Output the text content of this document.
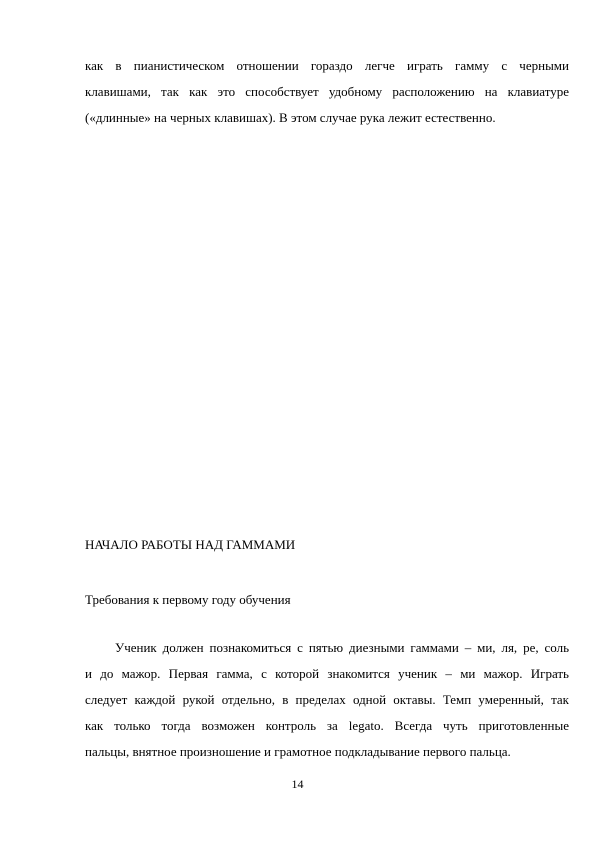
как в пианистическом отношении гораздо легче играть гамму с черными
клавишами, так как это способствует удобному расположению на клавиатуре
(«длинные» на черных клавишах). В этом случае рука лежит естественно.
НАЧАЛО РАБОТЫ НАД ГАММАМИ
Требования к первому году обучения
Ученик должен познакомиться с пятью диезными гаммами – ми, ля, ре, соль
и до мажор. Первая гамма, с которой знакомится ученик – ми мажор. Играть
следует каждой рукой отдельно, в пределах одной октавы. Темп умеренный, так
как только тогда возможен контроль за legato. Всегда чуть приготовленные
пальцы, внятное произношение и грамотное подкладывание первого пальца.
14
